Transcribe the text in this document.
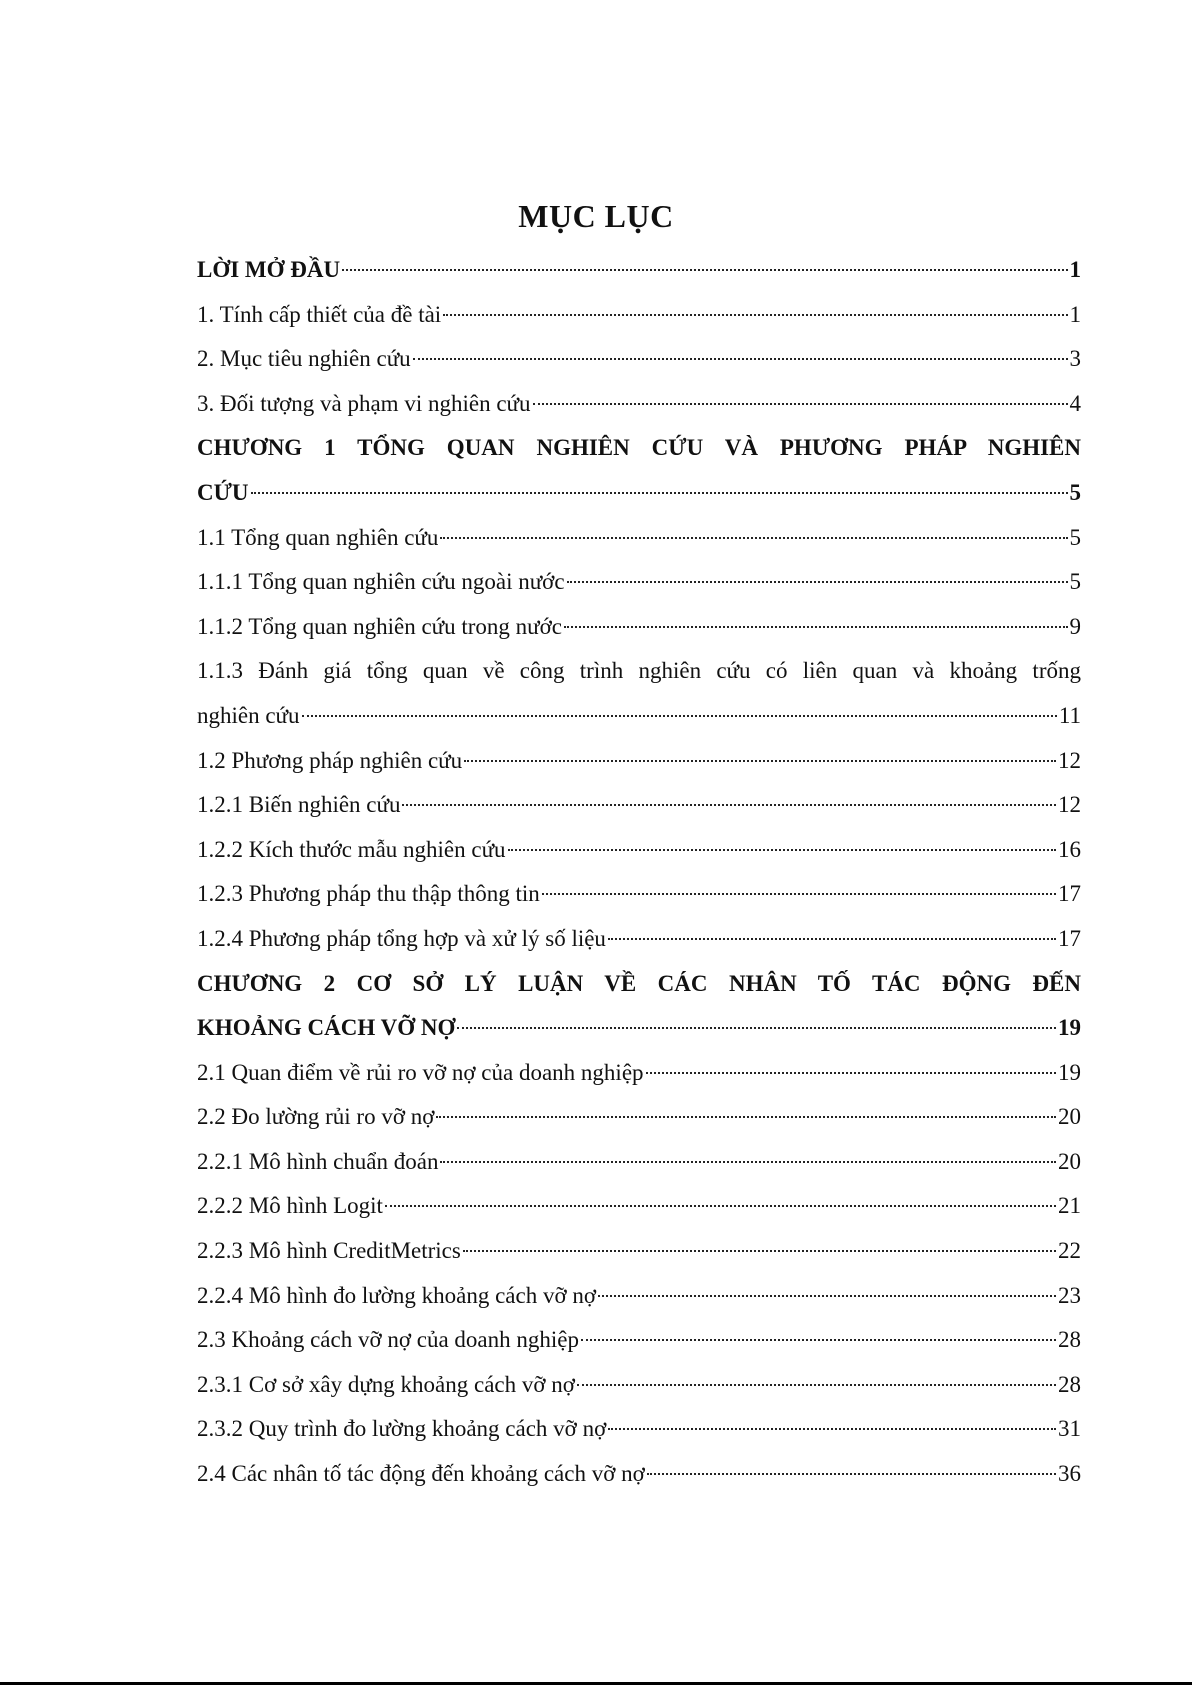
MỤC LỤC
LỜI MỞ ĐẦU	1
1. Tính cấp thiết của đề tài	1
2. Mục tiêu nghiên cứu	3
3. Đối tượng và phạm vi nghiên cứu	4
CHƯƠNG 1 TỔNG QUAN NGHIÊN CỨU VÀ PHƯƠNG PHÁP NGHIÊN
CỨU	5
1.1 Tổng quan nghiên cứu	5
1.1.1 Tổng quan nghiên cứu ngoài nước	5
1.1.2 Tổng quan nghiên cứu trong nước	9
1.1.3 Đánh giá tổng quan về công trình nghiên cứu có liên quan và khoảng trống
nghiên cứu	11
1.2 Phương pháp nghiên cứu	12
1.2.1 Biến nghiên cứu	12
1.2.2 Kích thước mẫu nghiên cứu	16
1.2.3 Phương pháp thu thập thông tin	17
1.2.4 Phương pháp tổng hợp và xử lý số liệu	17
CHƯƠNG 2 CƠ SỞ LÝ LUẬN VỀ CÁC NHÂN TỐ TÁC ĐỘNG ĐẾN
KHOẢNG CÁCH VỠ NỢ	19
2.1 Quan điểm về rủi ro vỡ nợ của doanh nghiệp	19
2.2 Đo lường rủi ro vỡ nợ	20
2.2.1 Mô hình chuẩn đoán	20
2.2.2 Mô hình Logit	21
2.2.3 Mô hình CreditMetrics	22
2.2.4 Mô hình đo lường khoảng cách vỡ nợ	23
2.3 Khoảng cách vỡ nợ của doanh nghiệp	28
2.3.1 Cơ sở xây dựng khoảng cách vỡ nợ	28
2.3.2 Quy trình đo lường khoảng cách vỡ nợ	31
2.4 Các nhân tố tác động đến khoảng cách vỡ nợ	36
